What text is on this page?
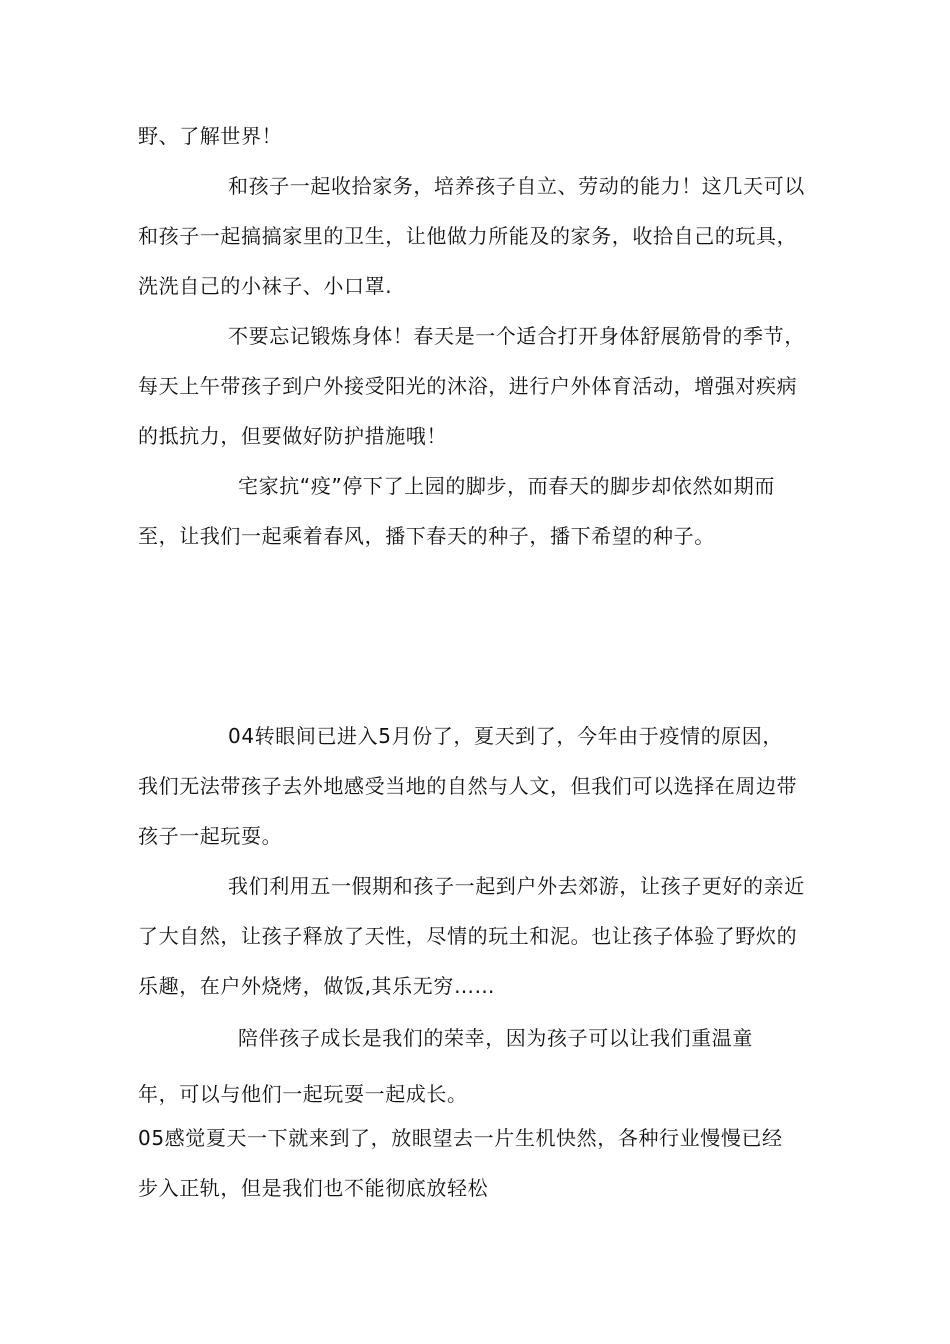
野、了解世界！
和孩子一起收拾家务，培养孩子自立、劳动的能力！这几天可以
和孩子一起搞搞家里的卫生，让他做力所能及的家务，收拾自己的玩具，
洗洗自己的小袜子、小口罩.
不要忘记锻炼身体！春天是一个适合打开身体舒展筋骨的季节，
每天上午带孩子到户外接受阳光的沐浴，进行户外体育活动，增强对疾病
的抵抗力，但要做好防护措施哦！
宅家抗“疫”停下了上园的脚步，而春天的脚步却依然如期而
至，让我们一起乘着春风，播下春天的种子，播下希望的种子。
04转眼间已进入5月份了，夏天到了，今年由于疫情的原因，
我们无法带孩子去外地感受当地的自然与人文，但我们可以选择在周边带
孩子一起玩耍。
我们利用五一假期和孩子一起到户外去郊游，让孩子更好的亲近
了大自然，让孩子释放了天性，尽情的玩土和泥。也让孩子体验了野炊的
乐趣，在户外烧烤，做饭,其乐无穷……
陪伴孩子成长是我们的荣幸，因为孩子可以让我们重温童
年，可以与他们一起玩耍一起成长。
05感觉夏天一下就来到了，放眼望去一片生机快然，各种行业慢慢已经
步入正轨，但是我们也不能彻底放轻松
